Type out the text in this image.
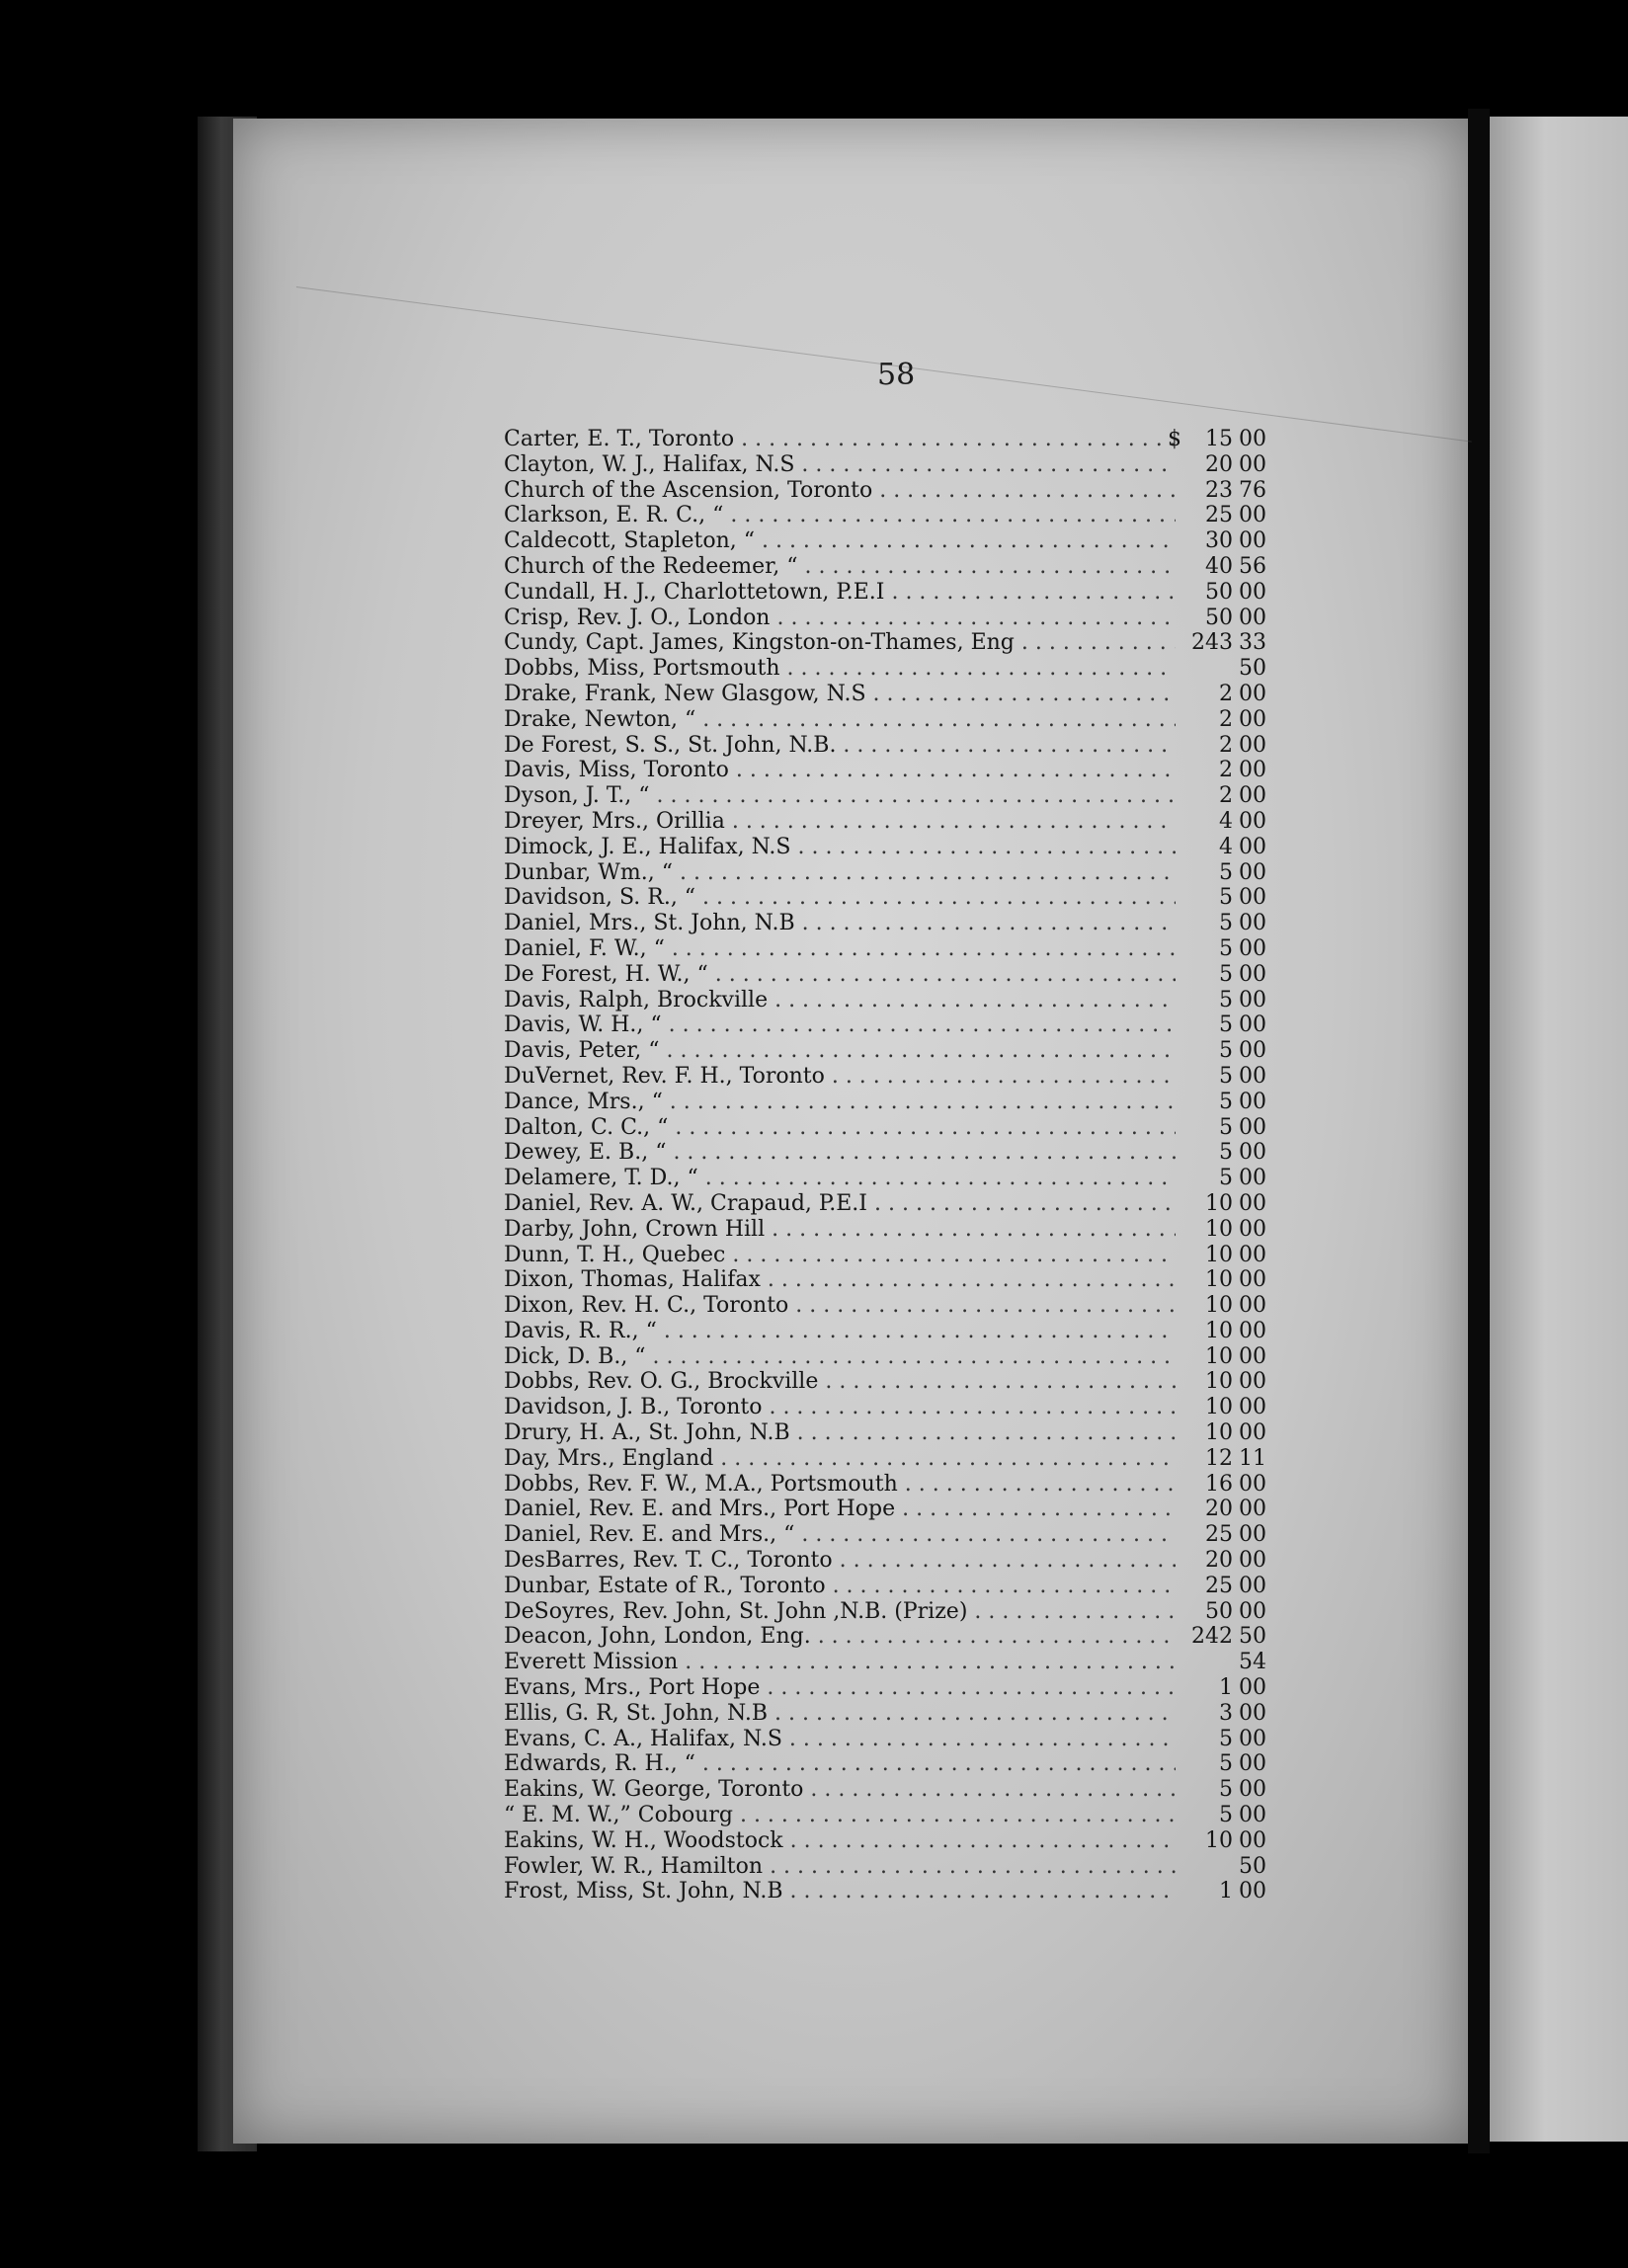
58
Carter, E. T., Toronto . . .	$	15 00
Clayton, W. J., Halifax, N.S . . .	20 00
Church of the Ascension, Toronto . . .	23 76
Clarkson, E. R. C., “ . . .	25 00
Caldecott, Stapleton, “ . . .	30 00
Church of the Redeemer, “ . . .	40 56
Cundall, H. J., Charlottetown, P.E.I . . .	50 00
Crisp, Rev. J. O., London . . .	50 00
Cundy, Capt. James, Kingston-on-Thames, Eng . . .	243 33
Dobbs, Miss, Portsmouth . . .	50
Drake, Frank, New Glasgow, N.S . . .	2 00
Drake, Newton, “ . . .	2 00
De Forest, S. S., St. John, N.B. . . .	2 00
Davis, Miss, Toronto . . .	2 00
Dyson, J. T., “ . . .	2 00
Dreyer, Mrs., Orillia . . .	4 00
Dimock, J. E., Halifax, N.S . . .	4 00
Dunbar, Wm., “ . . .	5 00
Davidson, S. R., “ . . .	5 00
Daniel, Mrs., St. John, N.B . . .	5 00
Daniel, F. W., “ . . .	5 00
De Forest, H. W., “ . . .	5 00
Davis, Ralph, Brockville . . .	5 00
Davis, W. H., “ . . .	5 00
Davis, Peter, “ . . .	5 00
DuVernet, Rev. F. H., Toronto . . .	5 00
Dance, Mrs., “ . . .	5 00
Dalton, C. C., “ . . .	5 00
Dewey, E. B., “ . . .	5 00
Delamere, T. D., “ . . .	5 00
Daniel, Rev. A. W., Crapaud, P.E.I . . .	10 00
Darby, John, Crown Hill . . .	10 00
Dunn, T. H., Quebec . . .	10 00
Dixon, Thomas, Halifax . . .	10 00
Dixon, Rev. H. C., Toronto . . .	10 00
Davis, R. R., “ . . .	10 00
Dick, D. B., “ . . .	10 00
Dobbs, Rev. O. G., Brockville . . .	10 00
Davidson, J. B., Toronto . . .	10 00
Drury, H. A., St. John, N.B . . .	10 00
Day, Mrs., England . . .	12 11
Dobbs, Rev. F. W., M.A., Portsmouth . . .	16 00
Daniel, Rev. E. and Mrs., Port Hope . . .	20 00
Daniel, Rev. E. and Mrs., “ . . .	25 00
DesBarres, Rev. T. C., Toronto . . .	20 00
Dunbar, Estate of R., Toronto . . .	25 00
DeSoyres, Rev. John, St. John ,N.B. (Prize) . . .	50 00
Deacon, John, London, Eng. . . .	242 50
Everett Mission . . .	54
Evans, Mrs., Port Hope . . .	1 00
Ellis, G. R, St. John, N.B . . .	3 00
Evans, C. A., Halifax, N.S . . .	5 00
Edwards, R. H., “ . . .	5 00
Eakins, W. George, Toronto . . .	5 00
“ E. M. W.,” Cobourg . . .	5 00
Eakins, W. H., Woodstock . . .	10 00
Fowler, W. R., Hamilton . . .	50
Frost, Miss, St. John, N.B . . .	1 00
